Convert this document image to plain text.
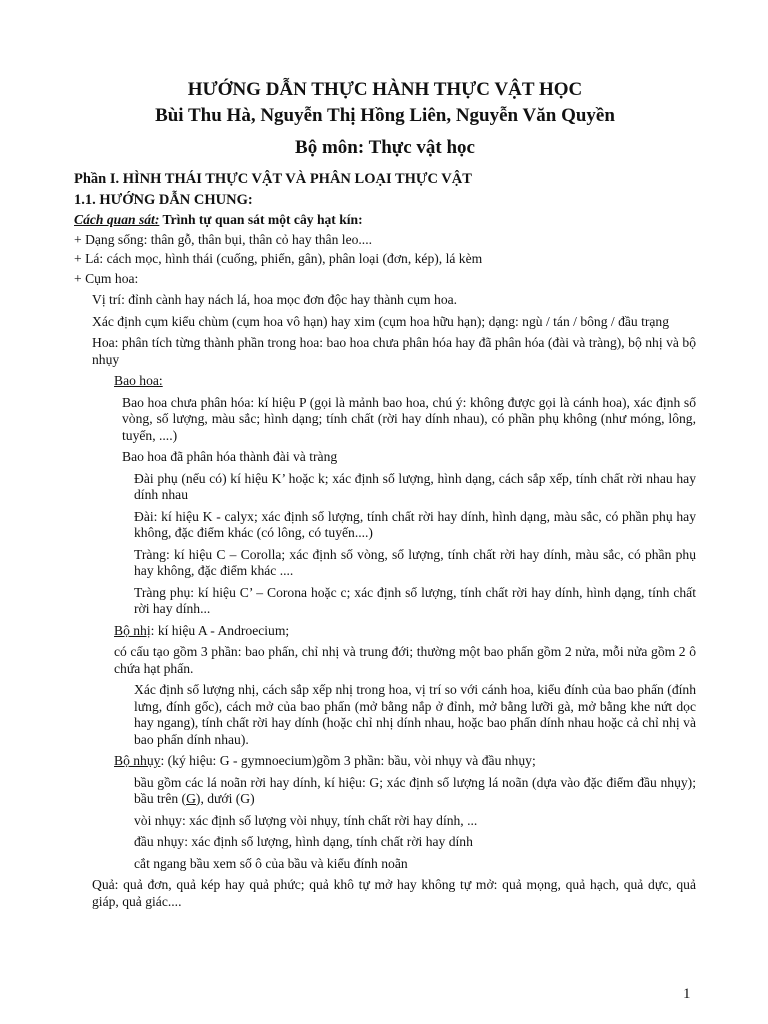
HƯỚNG DẪN THỰC HÀNH THỰC VẬT HỌC
Bùi Thu Hà, Nguyễn Thị Hồng Liên, Nguyễn Văn Quyền
Bộ môn: Thực vật học
Phần I. HÌNH THÁI THỰC VẬT VÀ PHÂN LOẠI THỰC VẬT
1.1. HƯỚNG DẪN CHUNG:

Cách quan sát: Trình tự quan sát một cây hạt kín:

+ Dạng sống: thân gỗ, thân bụi, thân cỏ hay thân leo....

+ Lá: cách mọc, hình thái (cuống, phiến, gân), phân loại (đơn, kép), lá kèm

+ Cụm hoa:

Vị trí: đỉnh cành hay nách lá, hoa mọc đơn độc hay thành cụm hoa.

Xác định cụm kiểu chùm (cụm hoa vô hạn) hay xim (cụm hoa hữu hạn); dạng: ngù / tán / bông / đầu trạng

Hoa: phân tích từng thành phần trong hoa: bao hoa chưa phân hóa hay đã phân hóa (đài và tràng), bộ nhị và bộ nhụy

Bao hoa:

Bao hoa chưa phân hóa: kí hiệu P (gọi là mảnh bao hoa, chú ý: không được gọi là cánh hoa), xác định số vòng, số lượng, màu sắc; hình dạng; tính chất (rời hay dính nhau), có phần phụ không (như móng, lông, tuyến, ....)

Bao hoa đã phân hóa thành đài và tràng

Đài phụ (nếu có) kí hiệu K’ hoặc k; xác định số lượng, hình dạng, cách sắp xếp, tính chất rời nhau hay dính nhau

Đài: kí hiệu K - calyx; xác định số lượng, tính chất rời hay dính, hình dạng, màu sắc, có phần phụ hay không, đặc điểm khác (có lông, có tuyến....)

Tràng: kí hiệu C – Corolla; xác định số vòng, số lượng, tính chất rời hay dính, màu sắc, có phần phụ hay không, đặc điểm khác ....

Tràng phụ: kí hiệu C’ – Corona hoặc c; xác định số lượng, tính chất rời hay dính, hình dạng, tính chất rời hay dính...

Bộ nhị: kí hiệu A - Androecium;

có cấu tạo gồm 3 phần: bao phấn, chỉ nhị và trung đới; thường một bao phấn gồm 2 nửa, mỗi nửa gồm 2 ô chứa hạt phấn.

Xác định số lượng nhị, cách sắp xếp nhị trong hoa, vị trí so với cánh hoa, kiểu đính của bao phấn (đính lưng, đính gốc), cách mở của bao phấn (mở bằng nắp ở đỉnh, mở bằng lưỡi gà, mở bằng khe nứt dọc hay ngang), tính chất rời hay dính (hoặc chỉ nhị dính nhau, hoặc bao phấn dính nhau hoặc cả chỉ nhị và bao phấn dính nhau).

Bộ nhụy: (ký hiệu: G - gymnoecium)gồm 3 phần: bầu, vòi nhụy và đầu nhụy;

bầu gồm các lá noãn rời hay dính, kí hiệu: G; xác định số lượng lá noãn (dựa vào đặc điểm đầu nhụy); bầu trên (G), dưới (G)

vòi nhụy: xác định số lượng vòi nhụy, tính chất rời hay dính, ...

đầu nhụy: xác định số lượng, hình dạng, tính chất rời hay dính

cắt ngang bầu xem số ô của bầu và kiểu đính noãn

Quả: quả đơn, quả kép hay quả phức; quả khô tự mở hay không tự mở: quả mọng, quả hạch, quả dực, quả giáp, quả giác....

1
